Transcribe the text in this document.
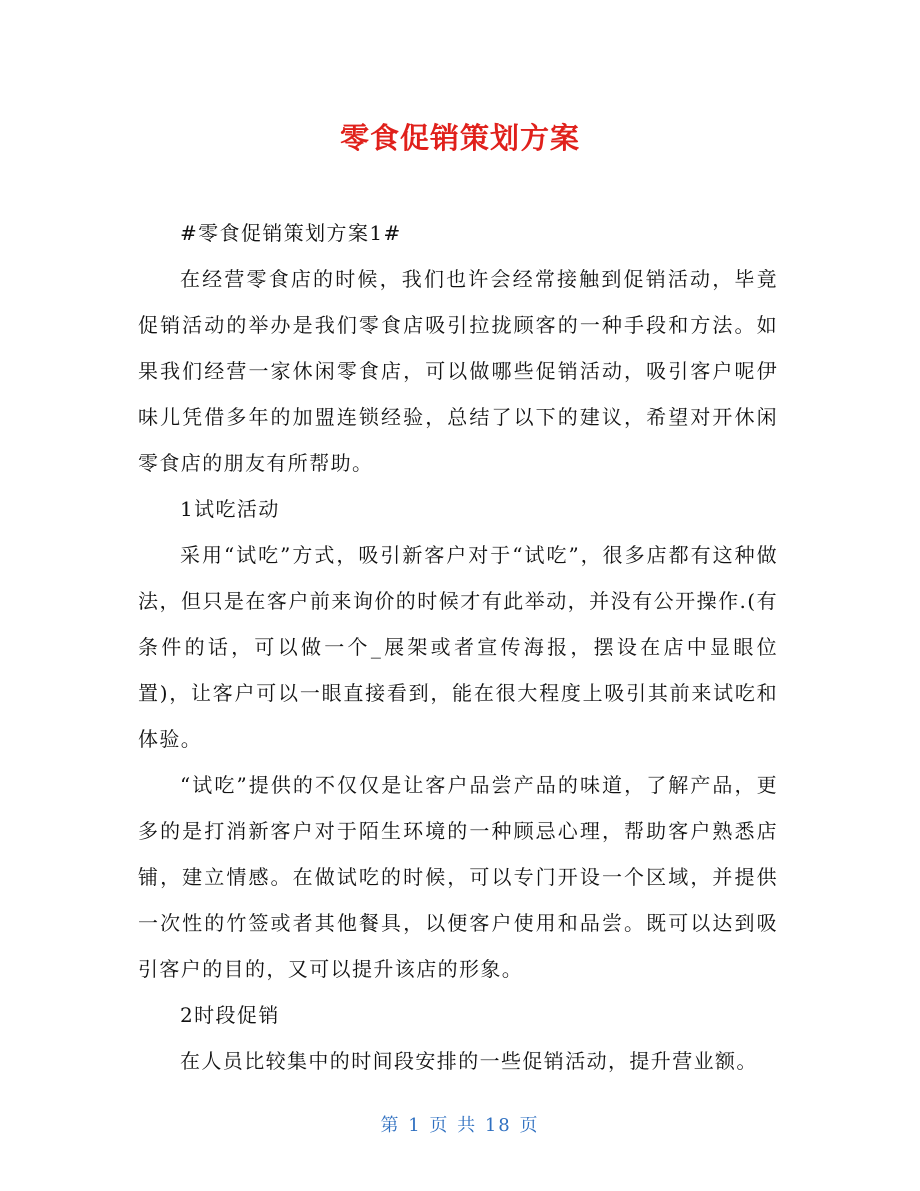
零食促销策划方案

#零食促销策划方案1#

在经营零食店的时候，我们也许会经常接触到促销活动，毕竟促销活动的举办是我们零食店吸引拉拢顾客的一种手段和方法。如果我们经营一家休闲零食店，可以做哪些促销活动，吸引客户呢伊味儿凭借多年的加盟连锁经验，总结了以下的建议，希望对开休闲零食店的朋友有所帮助。

1试吃活动

采用“试吃”方式，吸引新客户对于“试吃”，很多店都有这种做法，但只是在客户前来询价的时候才有此举动，并没有公开操作.(有条件的话，可以做一个_展架或者宣传海报，摆设在店中显眼位置)，让客户可以一眼直接看到，能在很大程度上吸引其前来试吃和体验。

“试吃”提供的不仅仅是让客户品尝产品的味道，了解产品，更多的是打消新客户对于陌生环境的一种顾忌心理，帮助客户熟悉店铺，建立情感。在做试吃的时候，可以专门开设一个区域，并提供一次性的竹签或者其他餐具，以便客户使用和品尝。既可以达到吸引客户的目的，又可以提升该店的形象。

2时段促销

在人员比较集中的时间段安排的一些促销活动，提升营业额。

第 1 页 共 18 页
